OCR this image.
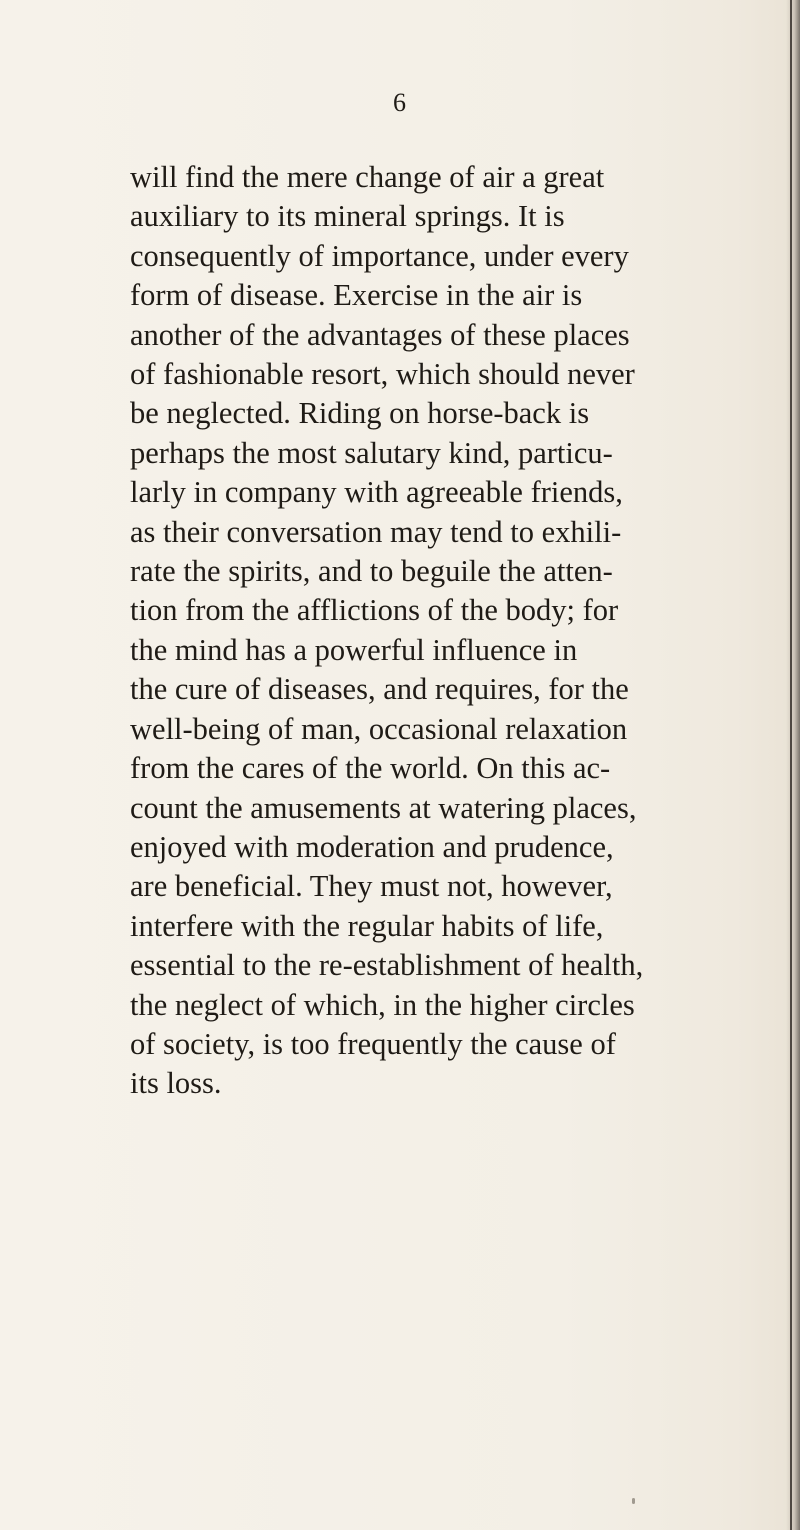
6
will find the mere change of air a great
auxiliary to its mineral springs. It is
consequently of importance, under every
form of disease. Exercise in the air is
another of the advantages of these places
of fashionable resort, which should never
be neglected. Riding on horse-back is
perhaps the most salutary kind, particu-
larly in company with agreeable friends,
as their conversation may tend to exhili-
rate the spirits, and to beguile the atten-
tion from the afflictions of the body; for
the mind has a powerful influence in
the cure of diseases, and requires, for the
well-being of man, occasional relaxation
from the cares of the world. On this ac-
count the amusements at watering places,
enjoyed with moderation and prudence,
are beneficial. They must not, however,
interfere with the regular habits of life,
essential to the re-establishment of health,
the neglect of which, in the higher circles
of society, is too frequently the cause of
its loss.
